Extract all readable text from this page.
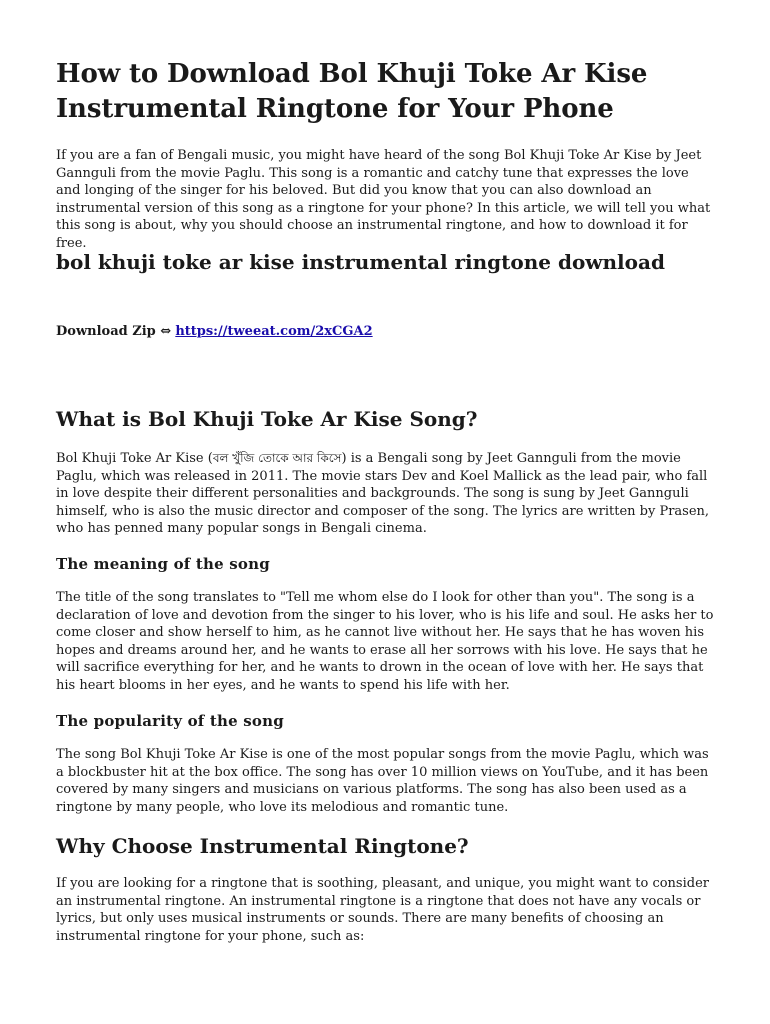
How to Download Bol Khuji Toke Ar Kise Instrumental Ringtone for Your Phone

If you are a fan of Bengali music, you might have heard of the song Bol Khuji Toke Ar Kise by Jeet Gannguli from the movie Paglu. This song is a romantic and catchy tune that expresses the love and longing of the singer for his beloved. But did you know that you can also download an instrumental version of this song as a ringtone for your phone? In this article, we will tell you what this song is about, why you should choose an instrumental ringtone, and how to download it for free.

bol khuji toke ar kise instrumental ringtone download

Download Zip ⇔ https://tweeat.com/2xCGA2

What is Bol Khuji Toke Ar Kise Song?

Bol Khuji Toke Ar Kise (বল খুঁজি তোকে আর কিসে) is a Bengali song by Jeet Gannguli from the movie Paglu, which was released in 2011. The movie stars Dev and Koel Mallick as the lead pair, who fall in love despite their different personalities and backgrounds. The song is sung by Jeet Gannguli himself, who is also the music director and composer of the song. The lyrics are written by Prasen, who has penned many popular songs in Bengali cinema.

The meaning of the song

The title of the song translates to "Tell me whom else do I look for other than you". The song is a declaration of love and devotion from the singer to his lover, who is his life and soul. He asks her to come closer and show herself to him, as he cannot live without her. He says that he has woven his hopes and dreams around her, and he wants to erase all her sorrows with his love. He says that he will sacrifice everything for her, and he wants to drown in the ocean of love with her. He says that his heart blooms in her eyes, and he wants to spend his life with her.

The popularity of the song

The song Bol Khuji Toke Ar Kise is one of the most popular songs from the movie Paglu, which was a blockbuster hit at the box office. The song has over 10 million views on YouTube, and it has been covered by many singers and musicians on various platforms. The song has also been used as a ringtone by many people, who love its melodious and romantic tune.

Why Choose Instrumental Ringtone?

If you are looking for a ringtone that is soothing, pleasant, and unique, you might want to consider an instrumental ringtone. An instrumental ringtone is a ringtone that does not have any vocals or lyrics, but only uses musical instruments or sounds. There are many benefits of choosing an instrumental ringtone for your phone, such as:
